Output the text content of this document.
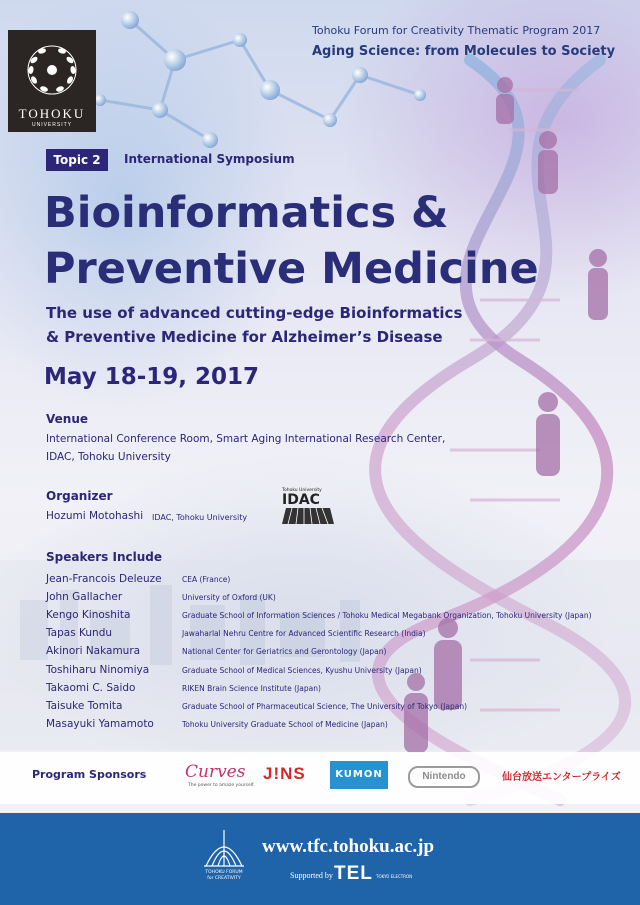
TOHOKU
UNIVERSITY
Tohoku Forum for Creativity Thematic Program 2017
Aging Science: from Molecules to Society
Topic 2	International Symposium
Bioinformatics &
Preventive Medicine
The use of advanced cutting-edge Bioinformatics
& Preventive Medicine for Alzheimer’s Disease
May 18-19, 2017
Venue
International Conference Room, Smart Aging International Research Center,
IDAC, Tohoku University
Organizer
Hozumi Motohashi IDAC, Tohoku University
Tohoku University
IDAC
Speakers Include
Jean-Francois Deleuze	CEA (France)
John Gallacher	University of Oxford (UK)
Kengo Kinoshita	Graduate School of Information Sciences / Tohoku Medical Megabank Organization, Tohoku University (Japan)
Tapas Kundu	Jawaharlal Nehru Centre for Advanced Scientific Research (India)
Akinori Nakamura	National Center for Geriatrics and Gerontology (Japan)
Toshiharu Ninomiya	Graduate School of Medical Sciences, Kyushu University (Japan)
Takaomi C. Saido	RIKEN Brain Science Institute (Japan)
Taisuke Tomita	Graduate School of Pharmaceutical Science, The University of Tokyo (Japan)
Masayuki Yamamoto	Tohoku University Graduate School of Medicine (Japan)
Program Sponsors Curves
The power to amaze yourself.
J!NS	KUMON	Nintendo	仙台放送エンタープライズ
TOHOKU FORUM
for CREATIVITY
www.tfc.tohoku.ac.jp
Supported by TEL TOKYO ELECTRON
